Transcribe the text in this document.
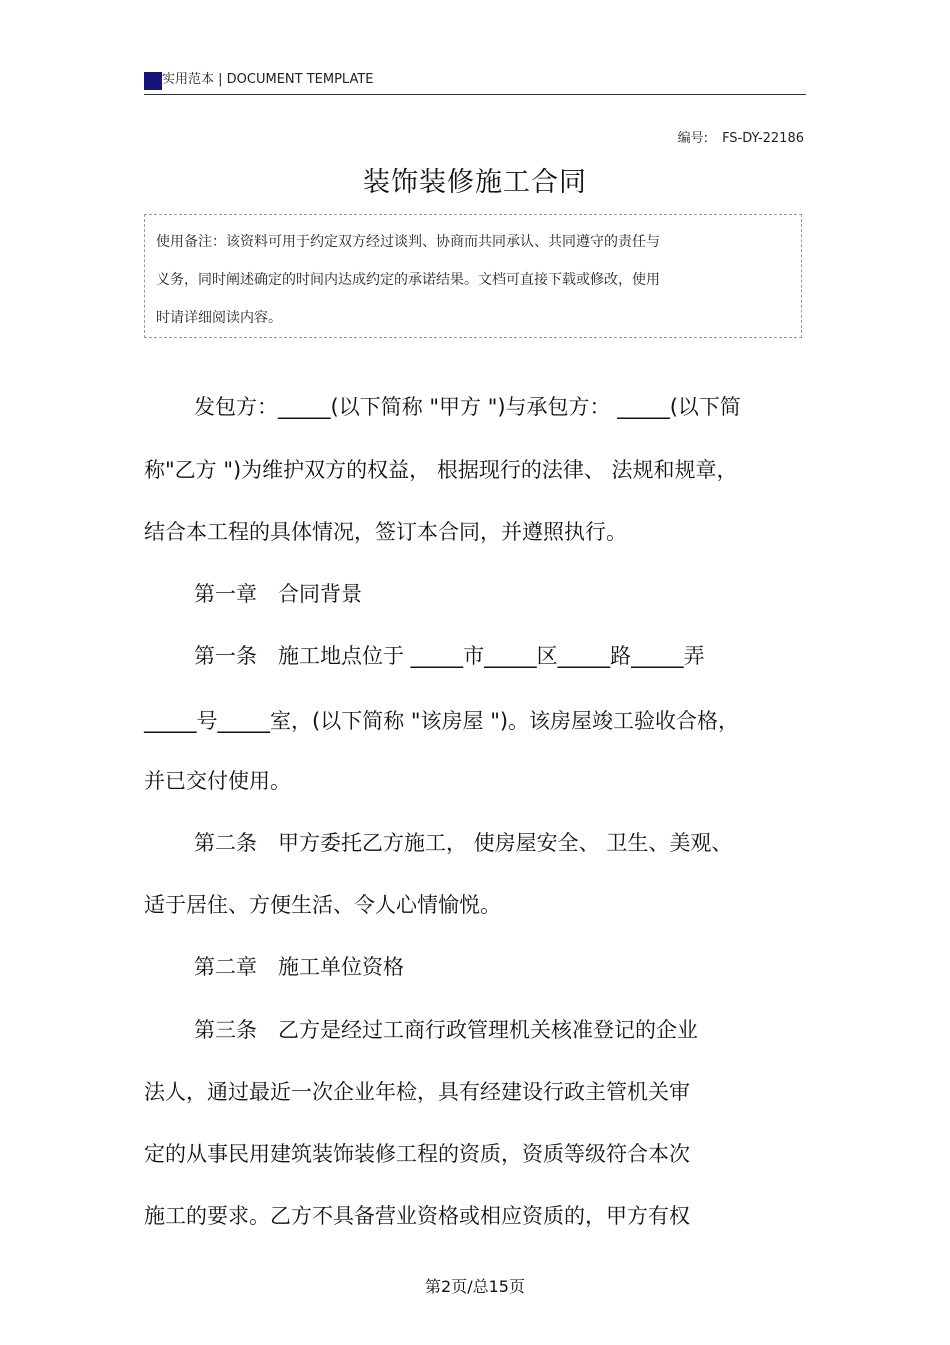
实用范本 | DOCUMENT TEMPLATE
编号: FS-DY-22186
装饰装修施工合同
使用备注：该资料可用于约定双方经过谈判、协商而共同承认、共同遵守的责任与
义务，同时阐述确定的时间内达成约定的承诺结果。文档可直接下载或修改，使用
时请详细阅读内容。
发包方：_____(以下简称 "甲方 ")与承包方： _____(以下简
称"乙方 ")为维护双方的权益， 根据现行的法律、 法规和规章，
结合本工程的具体情况，签订本合同，并遵照执行。
第一章　合同背景
第一条　施工地点位于 _____市_____区_____路_____弄
_____号_____室，(以下简称 "该房屋 ")。该房屋竣工验收合格，
并已交付使用。
第二条　甲方委托乙方施工， 使房屋安全、 卫生、美观、
适于居住、方便生活、令人心情愉悦。
第二章　施工单位资格
第三条　乙方是经过工商行政管理机关核准登记的企业
法人，通过最近一次企业年检，具有经建设行政主管机关审
定的从事民用建筑装饰装修工程的资质，资质等级符合本次
施工的要求。乙方不具备营业资格或相应资质的，甲方有权
第2页/总15页
